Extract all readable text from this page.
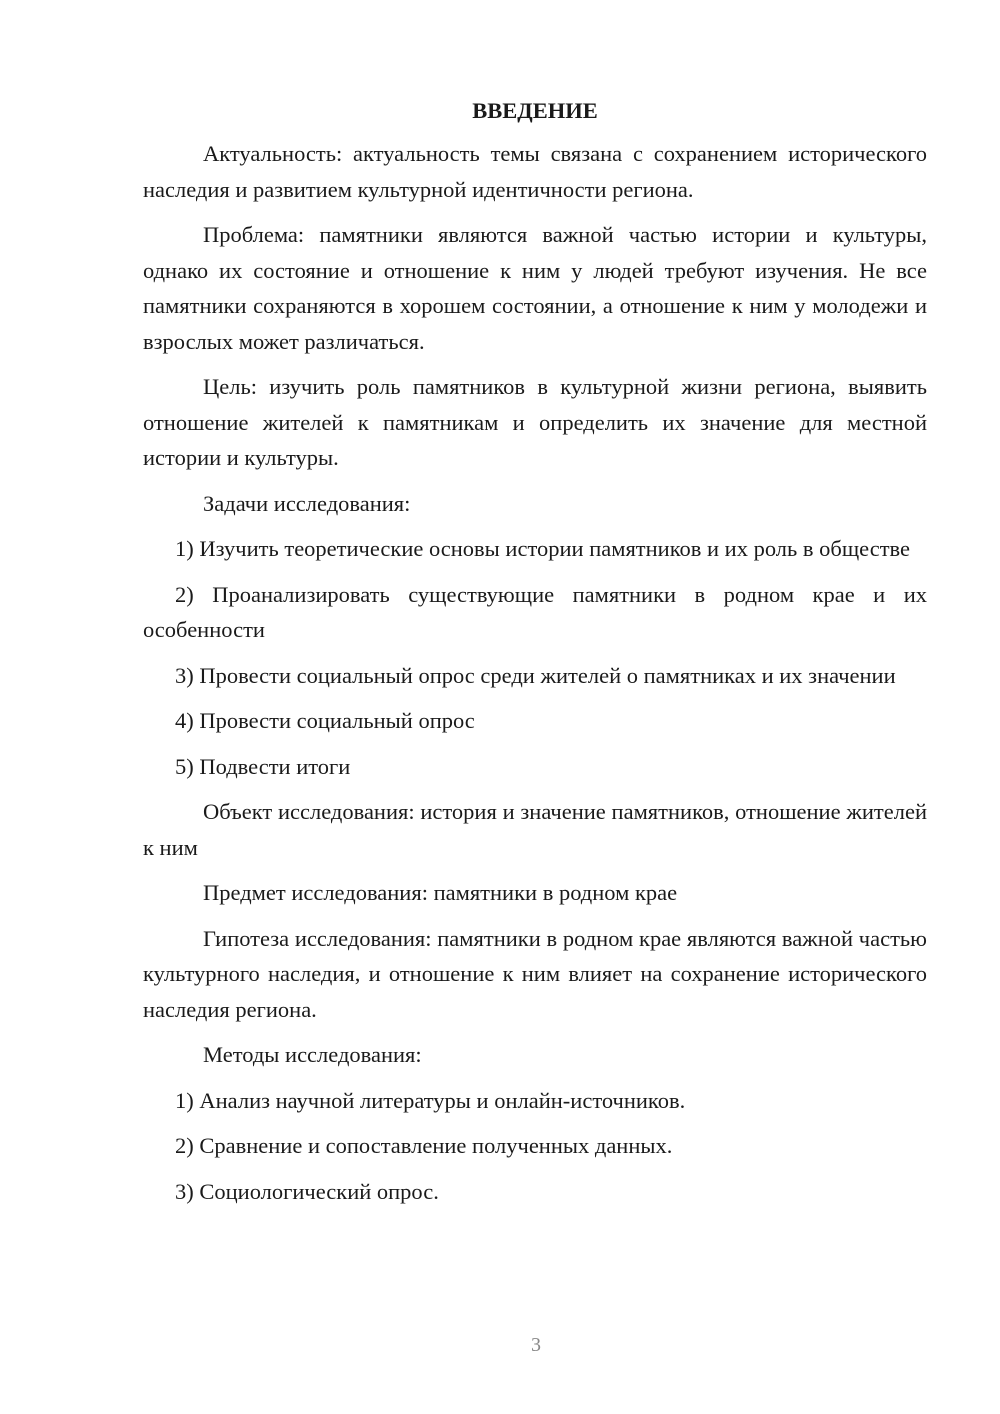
ВВЕДЕНИЕ

Актуальность: актуальность темы связана с сохранением исторического наследия и развитием культурной идентичности региона.

Проблема: памятники являются важной частью истории и культуры, однако их состояние и отношение к ним у людей требуют изучения. Не все памятники сохраняются в хорошем состоянии, а отношение к ним у молодежи и взрослых может различаться.

Цель: изучить роль памятников в культурной жизни региона, выявить отношение жителей к памятникам и определить их значение для местной истории и культуры.

Задачи исследования:

1) Изучить теоретические основы истории памятников и их роль в обществе

2) Проанализировать существующие памятники в родном крае и их особенности

3) Провести социальный опрос среди жителей о памятниках и их значении

4) Провести социальный опрос

5) Подвести итоги

Объект исследования: история и значение памятников, отношение жителей к ним

Предмет исследования: памятники в родном крае

Гипотеза исследования: памятники в родном крае являются важной частью культурного наследия, и отношение к ним влияет на сохранение исторического наследия региона.

Методы исследования:

1) Анализ научной литературы и онлайн-источников.

2) Сравнение и сопоставление полученных данных.

3) Социологический опрос.

3
